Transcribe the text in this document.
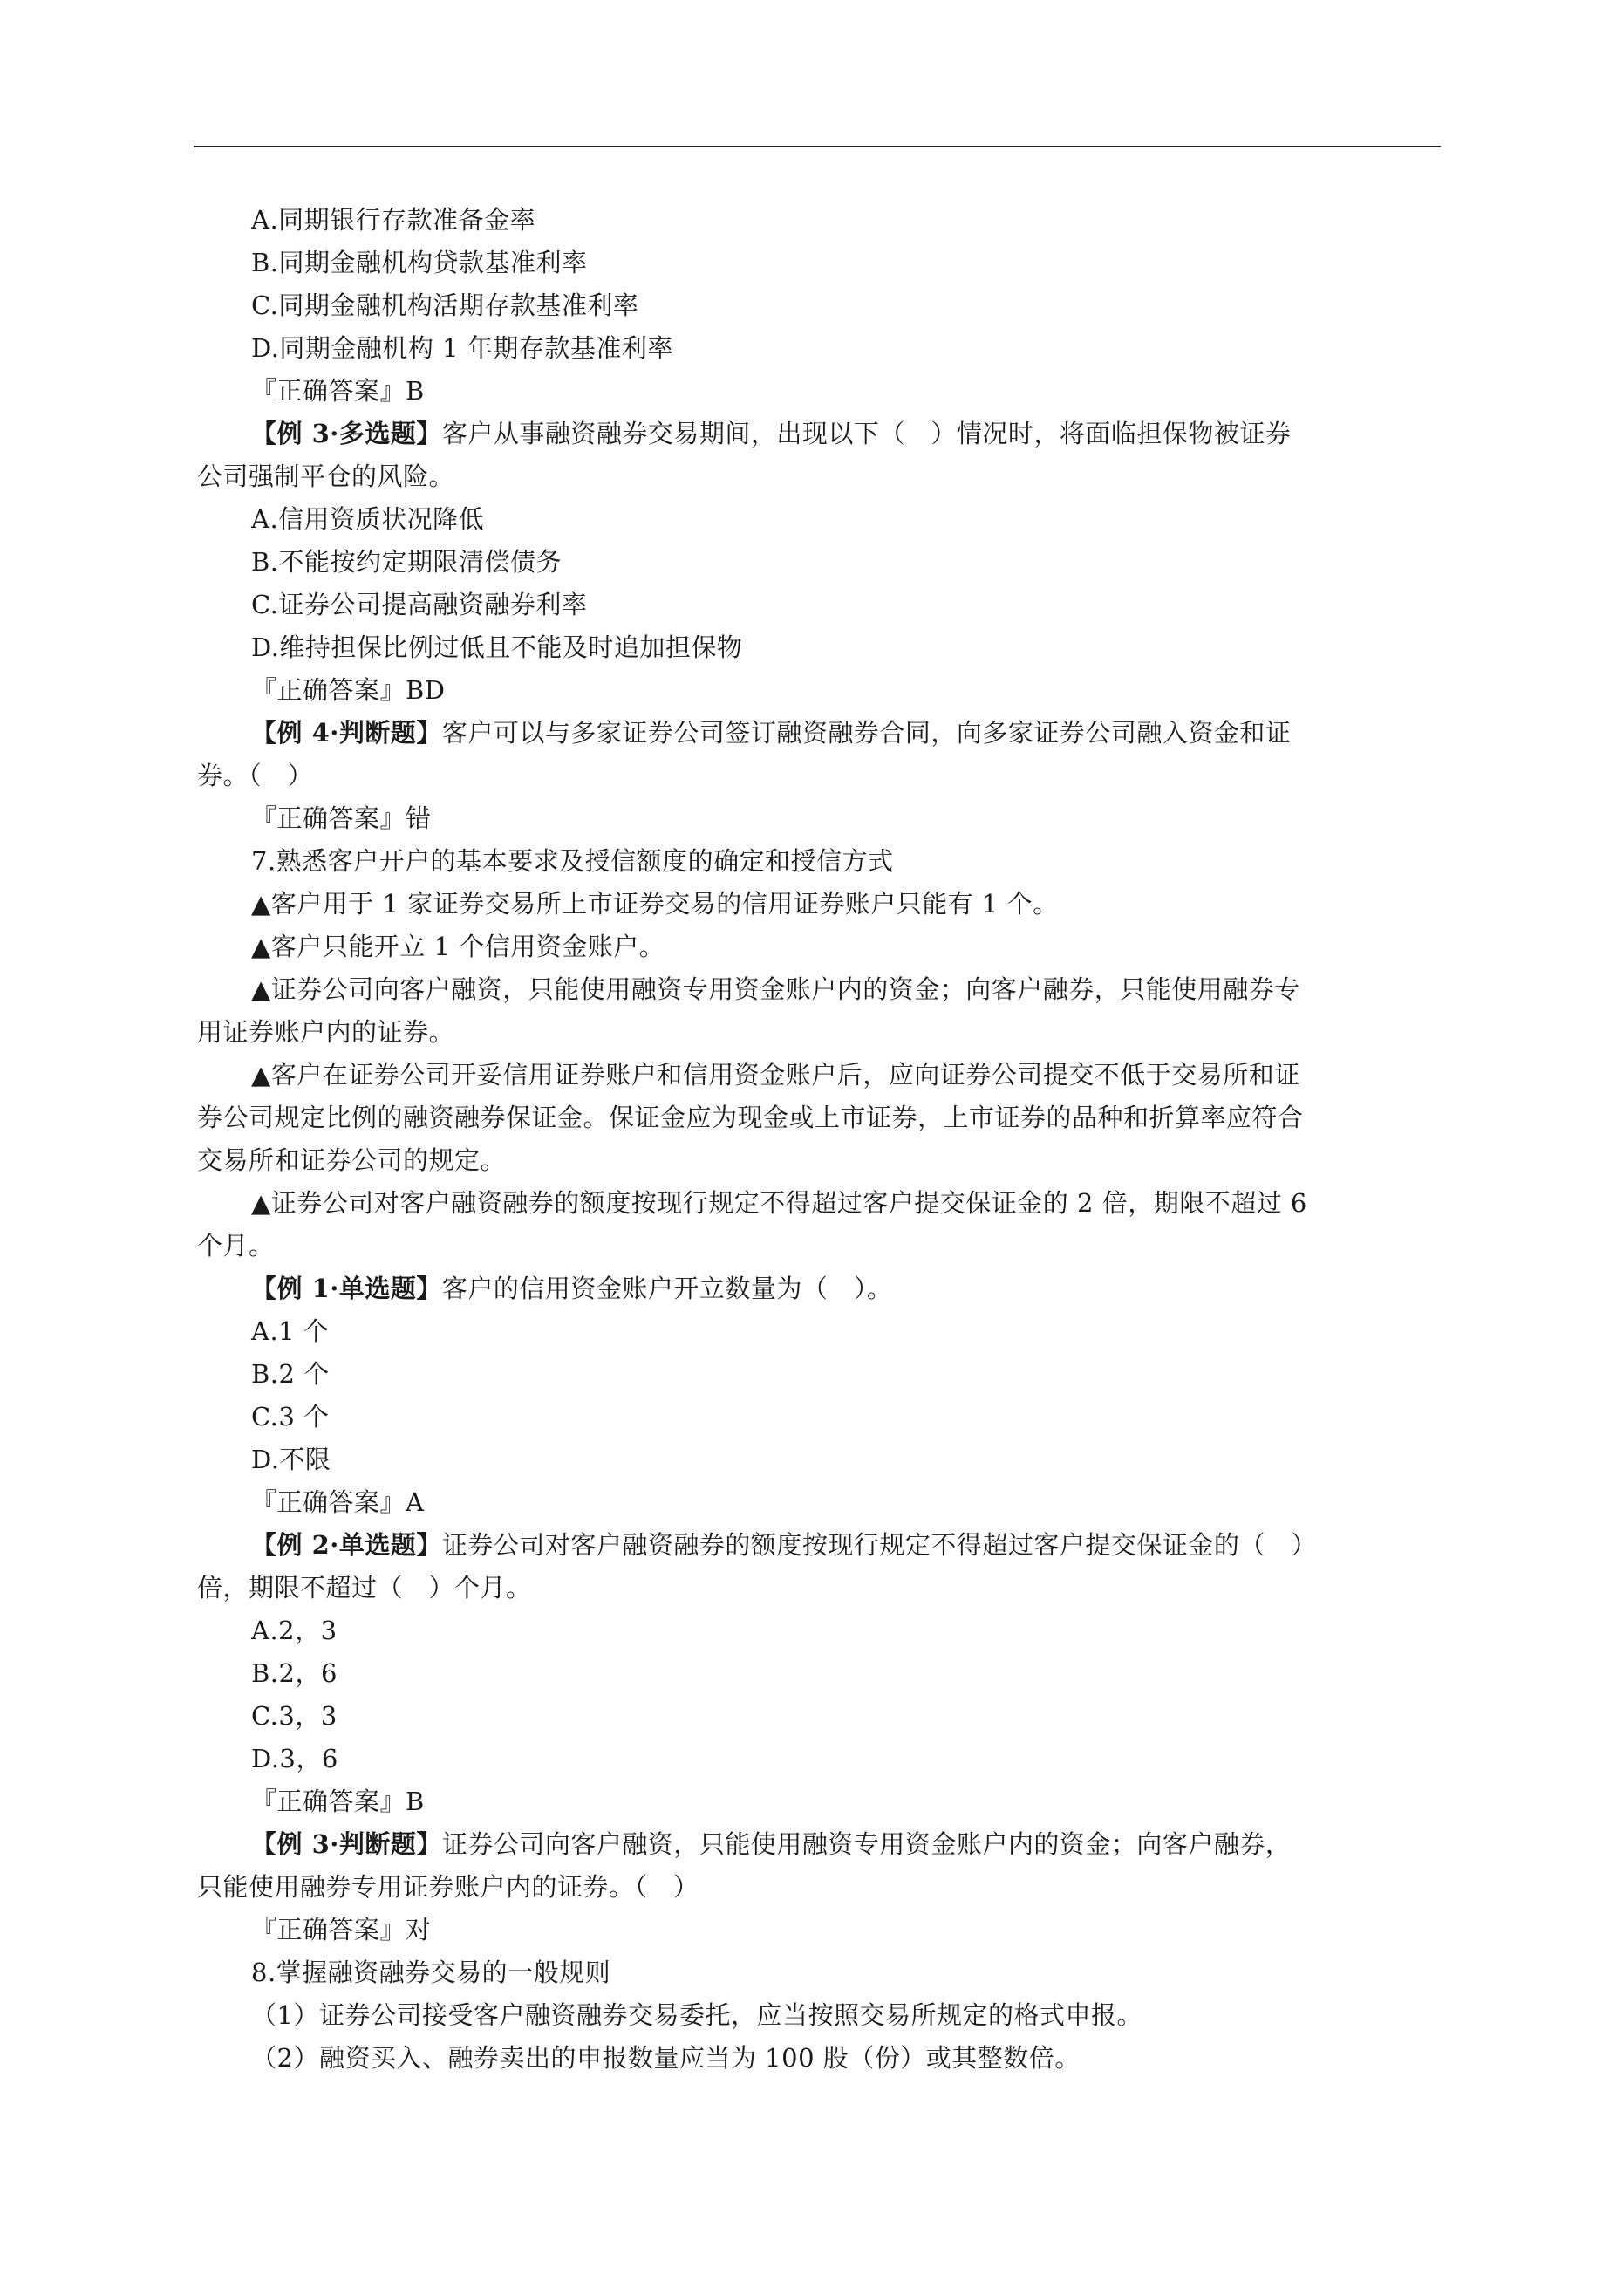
A.同期银行存款准备金率
B.同期金融机构贷款基准利率
C.同期金融机构活期存款基准利率
D.同期金融机构 1 年期存款基准利率
『正确答案』B
【例 3·多选题】客户从事融资融券交易期间，出现以下（　）情况时，将面临担保物被证券
公司强制平仓的风险。
A.信用资质状况降低
B.不能按约定期限清偿债务
C.证券公司提高融资融券利率
D.维持担保比例过低且不能及时追加担保物
『正确答案』BD
【例 4·判断题】客户可以与多家证券公司签订融资融券合同，向多家证券公司融入资金和证
券。（　）
『正确答案』错
7.熟悉客户开户的基本要求及授信额度的确定和授信方式
▲客户用于 1 家证券交易所上市证券交易的信用证券账户只能有 1 个。
▲客户只能开立 1 个信用资金账户。
▲证券公司向客户融资，只能使用融资专用资金账户内的资金；向客户融券，只能使用融券专
用证券账户内的证券。
▲客户在证券公司开妥信用证券账户和信用资金账户后，应向证券公司提交不低于交易所和证
券公司规定比例的融资融券保证金。保证金应为现金或上市证券，上市证券的品种和折算率应符合
交易所和证券公司的规定。
▲证券公司对客户融资融券的额度按现行规定不得超过客户提交保证金的 2 倍，期限不超过 6
个月。
【例 1·单选题】客户的信用资金账户开立数量为（　）。
A.1 个
B.2 个
C.3 个
D.不限
『正确答案』A
【例 2·单选题】证券公司对客户融资融券的额度按现行规定不得超过客户提交保证金的（　）
倍，期限不超过（　）个月。
A.2，3
B.2，6
C.3，3
D.3，6
『正确答案』B
【例 3·判断题】证券公司向客户融资，只能使用融资专用资金账户内的资金；向客户融券，
只能使用融券专用证券账户内的证券。（　）
『正确答案』对
8.掌握融资融券交易的一般规则
（1）证券公司接受客户融资融券交易委托，应当按照交易所规定的格式申报。
（2）融资买入、融券卖出的申报数量应当为 100 股（份）或其整数倍。
